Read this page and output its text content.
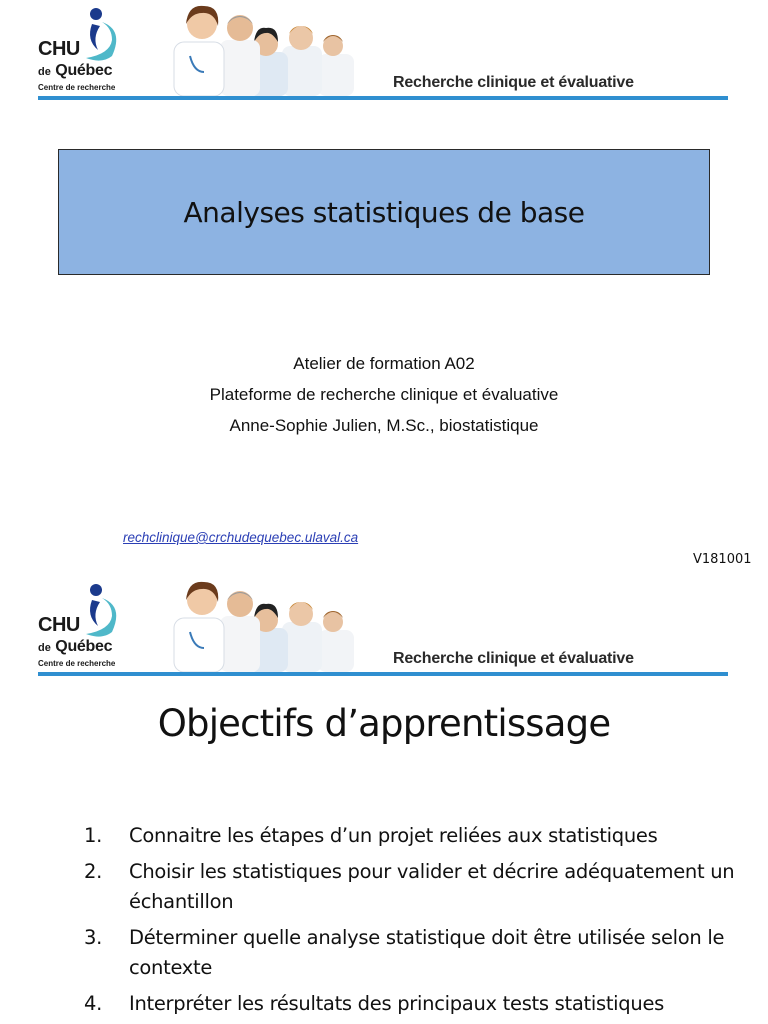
CHU
de Québec
Centre de recherche	Recherche clinique et évaluative
Analyses statistiques de base
Atelier de formation A02
Plateforme de recherche clinique et évaluative
Anne-Sophie Julien, M.Sc., biostatistique
rechclinique@crchudequebec.ulaval.ca
V181001
CHU
de Québec
Centre de recherche	Recherche clinique et évaluative
Objectifs d’apprentissage
1. Connaitre les étapes d’un projet reliées aux statistiques
2. Choisir les statistiques pour valider et décrire adéquatement un échantillon
3. Déterminer quelle analyse statistique doit être utilisée selon le contexte
4. Interpréter les résultats des principaux tests statistiques
